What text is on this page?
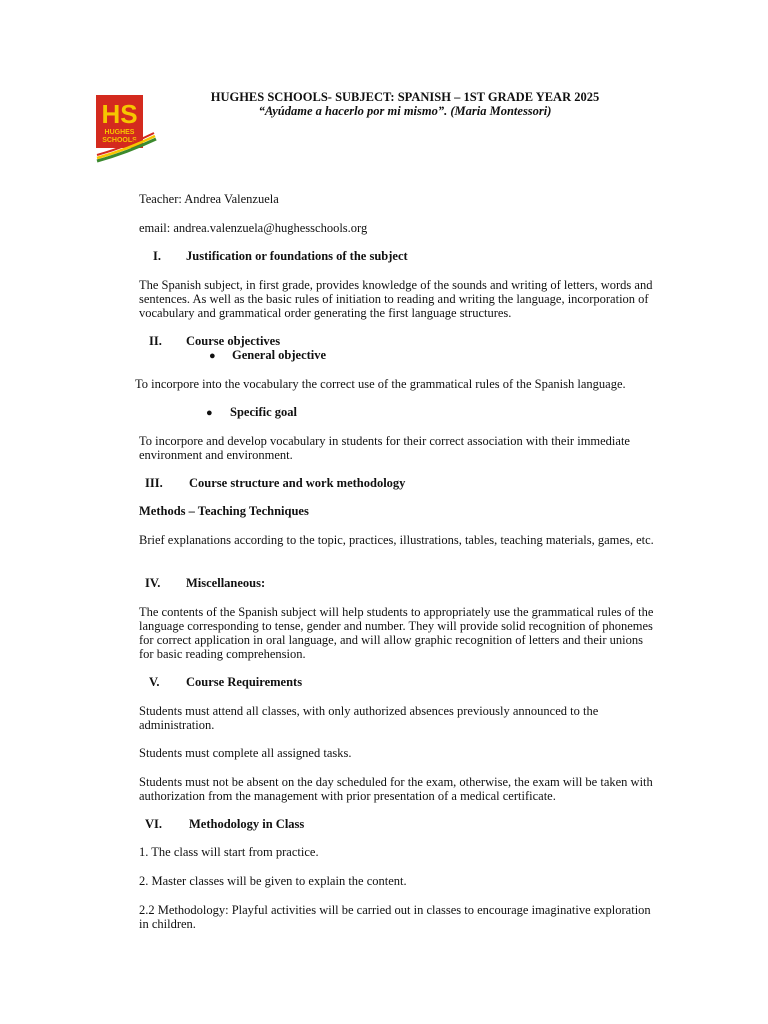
HS
HUGHES
SCHOOLS
HUGHES SCHOOLS- SUBJECT: SPANISH – 1ST GRADE YEAR 2025
“Ayúdame a hacerlo por mi mismo”. (Maria Montessori)
Teacher: Andrea Valenzuela
email: andrea.valenzuela@hughesschools.org
I. Justification or foundations of the subject
The Spanish subject, in first grade, provides knowledge of the sounds and writing of letters, words and sentences. As well as the basic rules of initiation to reading and writing the language, incorporation of vocabulary and grammatical order generating the first language structures.
II. Course objectives
● General objective
To incorpore into the vocabulary the correct use of the grammatical rules of the Spanish language.
● Specific goal
To incorpore and develop vocabulary in students for their correct association with their immediate environment and environment.
III. Course structure and work methodology
Methods – Teaching Techniques
Brief explanations according to the topic, practices, illustrations, tables, teaching materials, games, etc.
IV. Miscellaneous:
The contents of the Spanish subject will help students to appropriately use the grammatical rules of the language corresponding to tense, gender and number. They will provide solid recognition of phonemes for correct application in oral language, and will allow graphic recognition of letters and their unions for basic reading comprehension.
V. Course Requirements
Students must attend all classes, with only authorized absences previously announced to the administration.
Students must complete all assigned tasks.
Students must not be absent on the day scheduled for the exam, otherwise, the exam will be taken with authorization from the management with prior presentation of a medical certificate.
VI. Methodology in Class
1. The class will start from practice.
2. Master classes will be given to explain the content.
2.2 Methodology: Playful activities will be carried out in classes to encourage imaginative exploration in children.
